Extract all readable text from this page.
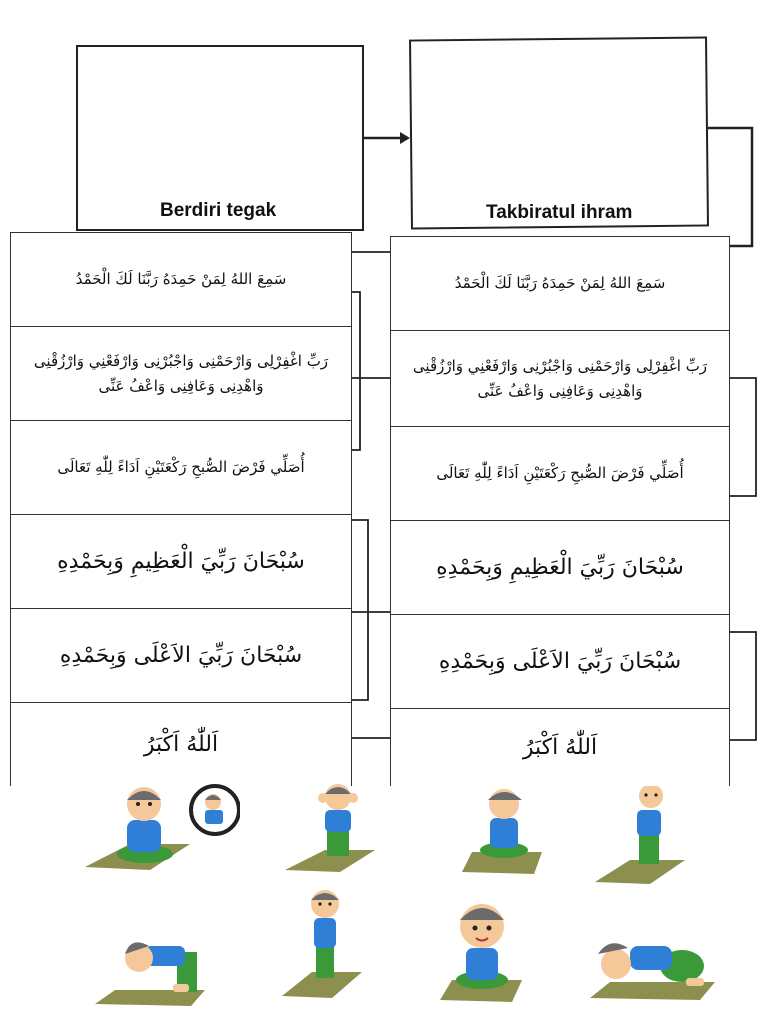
Berdiri tegak	Takbiratul ihram
سَمِعَ اللهُ لِمَنْ حَمِدَهُ رَبَّنَا لَكَ الْحَمْدُ
رَبِّ اغْفِرْلِى وَارْحَمْنِى وَاجْبُرْنِى وَارْفَعْنِي وَارْزُقْنِى وَاهْدِنِى وَعَافِنِى وَاعْفُ عَنِّى
أُصَلِّي فَرْضَ الصُّبحِ رَكْعَتَيْنِ اَدَاءً لِلّٰهِ تَعَالَى
سُبْحَانَ رَبِّيَ الْعَظِيمِ وَبِحَمْدِهِ
سُبْحَانَ رَبِّيَ الاَعْلَى وَبِحَمْدِهِ
اَللّٰهُ اَكْبَرُ
سَمِعَ اللهُ لِمَنْ حَمِدَهُ رَبَّنَا لَكَ الْحَمْدُ
رَبِّ اغْفِرْلِى وَارْحَمْنِى وَاجْبُرْنِى وَارْفَعْنِي وَارْزُقْنِى وَاهْدِنِى وَعَافِنِى وَاعْفُ عَنِّى
أُصَلِّي فَرْضَ الصُّبحِ رَكْعَتَيْنِ اَدَاءً لِلّٰهِ تَعَالَى
سُبْحَانَ رَبِّيَ الْعَظِيمِ وَبِحَمْدِهِ
سُبْحَانَ رَبِّيَ الاَعْلَى وَبِحَمْدِهِ
اَللّٰهُ اَكْبَرُ
